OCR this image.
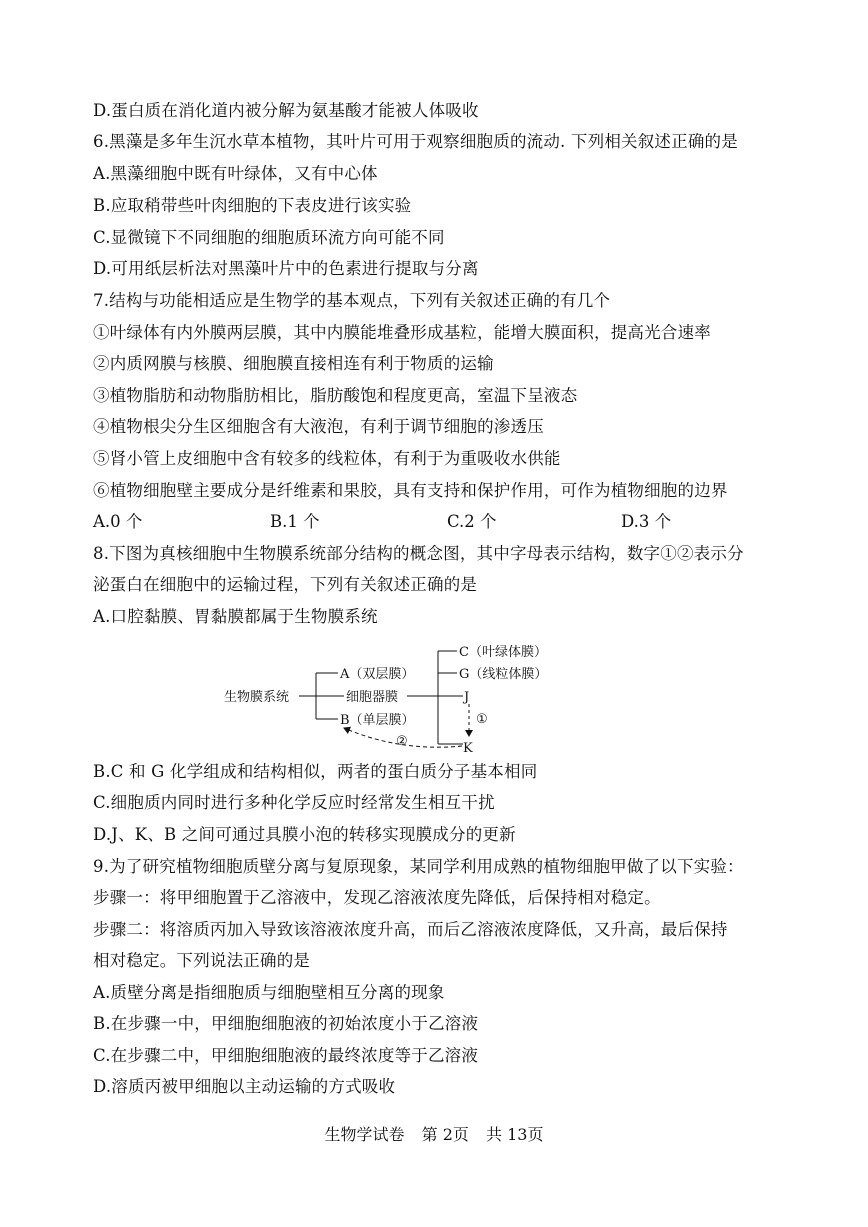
D.蛋白质在消化道内被分解为氨基酸才能被人体吸收
6.黑藻是多年生沉水草本植物，其叶片可用于观察细胞质的流动. 下列相关叙述正确的是
A.黑藻细胞中既有叶绿体，又有中心体
B.应取稍带些叶肉细胞的下表皮进行该实验
C.显微镜下不同细胞的细胞质环流方向可能不同
D.可用纸层析法对黑藻叶片中的色素进行提取与分离
7.结构与功能相适应是生物学的基本观点，下列有关叙述正确的有几个
①叶绿体有内外膜两层膜，其中内膜能堆叠形成基粒，能增大膜面积，提高光合速率
②内质网膜与核膜、细胞膜直接相连有利于物质的运输
③植物脂肪和动物脂肪相比，脂肪酸饱和程度更高，室温下呈液态
④植物根尖分生区细胞含有大液泡，有利于调节细胞的渗透压
⑤肾小管上皮细胞中含有较多的线粒体，有利于为重吸收水供能
⑥植物细胞壁主要成分是纤维素和果胶，具有支持和保护作用，可作为植物细胞的边界
A.0 个	B.1 个	C.2 个	D.3 个
8.下图为真核细胞中生物膜系统部分结构的概念图，其中字母表示结构，数字①②表示分
泌蛋白在细胞中的运输过程，下列有关叙述正确的是
A.口腔黏膜、胃黏膜都属于生物膜系统
生物膜系统
A（双层膜）
细胞器膜
B（单层膜）
C（叶绿体膜）
G（线粒体膜）
J
K
①
②
B.C 和 G 化学组成和结构相似，两者的蛋白质分子基本相同
C.细胞质内同时进行多种化学反应时经常发生相互干扰
D.J、K、B 之间可通过具膜小泡的转移实现膜成分的更新
9.为了研究植物细胞质壁分离与复原现象，某同学利用成熟的植物细胞甲做了以下实验：
步骤一：将甲细胞置于乙溶液中，发现乙溶液浓度先降低，后保持相对稳定。
步骤二：将溶质丙加入导致该溶液浓度升高，而后乙溶液浓度降低，又升高，最后保持
相对稳定。下列说法正确的是
A.质壁分离是指细胞质与细胞壁相互分离的现象
B.在步骤一中，甲细胞细胞液的初始浓度小于乙溶液
C.在步骤二中，甲细胞细胞液的最终浓度等于乙溶液
D.溶质丙被甲细胞以主动运输的方式吸收
生物学试卷 第 2页 共 13页
